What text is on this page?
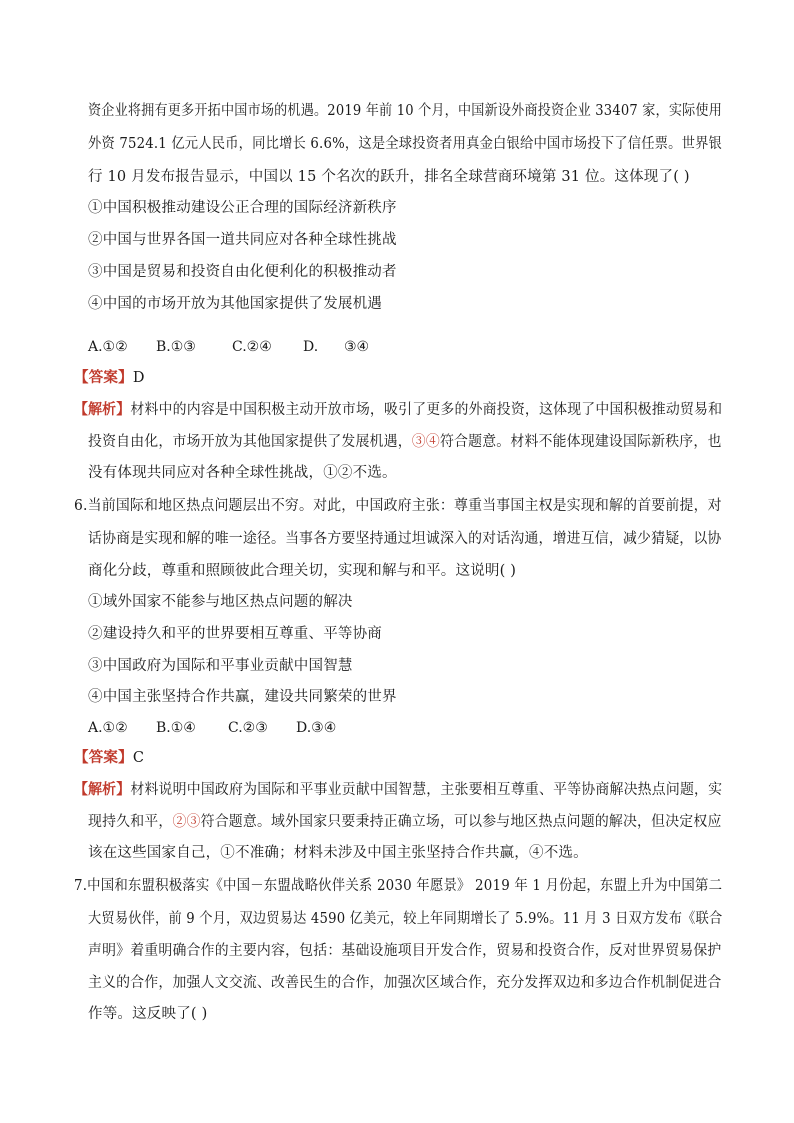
资企业将拥有更多开拓中国市场的机遇。2019 年前 10 个月，中国新设外商投资企业 33407 家，实际使用
外资 7524.1 亿元人民币，同比增长 6.6%，这是全球投资者用真金白银给中国市场投下了信任票。世界银
行 10 月发布报告显示，中国以 15 个名次的跃升，排名全球营商环境第 31 位。这体现了( )
①中国积极推动建设公正合理的国际经济新秩序
②中国与世界各国一道共同应对各种全球性挑战
③中国是贸易和投资自由化便利化的积极推动者
④中国的市场开放为其他国家提供了发展机遇
A.①② B.①③	C.②④ D. ③④
【答案】D
【解析】材料中的内容是中国积极主动开放市场，吸引了更多的外商投资，这体现了中国积极推动贸易和
投资自由化，市场开放为其他国家提供了发展机遇，③④符合题意。材料不能体现建设国际新秩序，也
没有体现共同应对各种全球性挑战，①②不选。
6.当前国际和地区热点问题层出不穷。对此，中国政府主张：尊重当事国主权是实现和解的首要前提，对
话协商是实现和解的唯一途径。当事各方要坚持通过坦诚深入的对话沟通，增进互信，减少猜疑，以协
商化分歧，尊重和照顾彼此合理关切，实现和解与和平。这说明( )
①域外国家不能参与地区热点问题的解决
②建设持久和平的世界要相互尊重、平等协商
③中国政府为国际和平事业贡献中国智慧
④中国主张坚持合作共赢，建设共同繁荣的世界
A.①② B.①④ C.②③ D.③④
【答案】C
【解析】材料说明中国政府为国际和平事业贡献中国智慧，主张要相互尊重、平等协商解决热点问题，实
现持久和平，②③符合题意。域外国家只要秉持正确立场，可以参与地区热点问题的解决，但决定权应
该在这些国家自己，①不准确；材料未涉及中国主张坚持合作共赢，④不选。
7.中国和东盟积极落实《中国－东盟战略伙伴关系 2030 年愿景》 2019 年 1 月份起，东盟上升为中国第二
大贸易伙伴，前 9 个月，双边贸易达 4590 亿美元，较上年同期增长了 5.9%。11 月 3 日双方发布《联合
声明》着重明确合作的主要内容，包括：基础设施项目开发合作，贸易和投资合作，反对世界贸易保护
主义的合作，加强人文交流、改善民生的合作，加强次区域合作，充分发挥双边和多边合作机制促进合
作等。这反映了( )
